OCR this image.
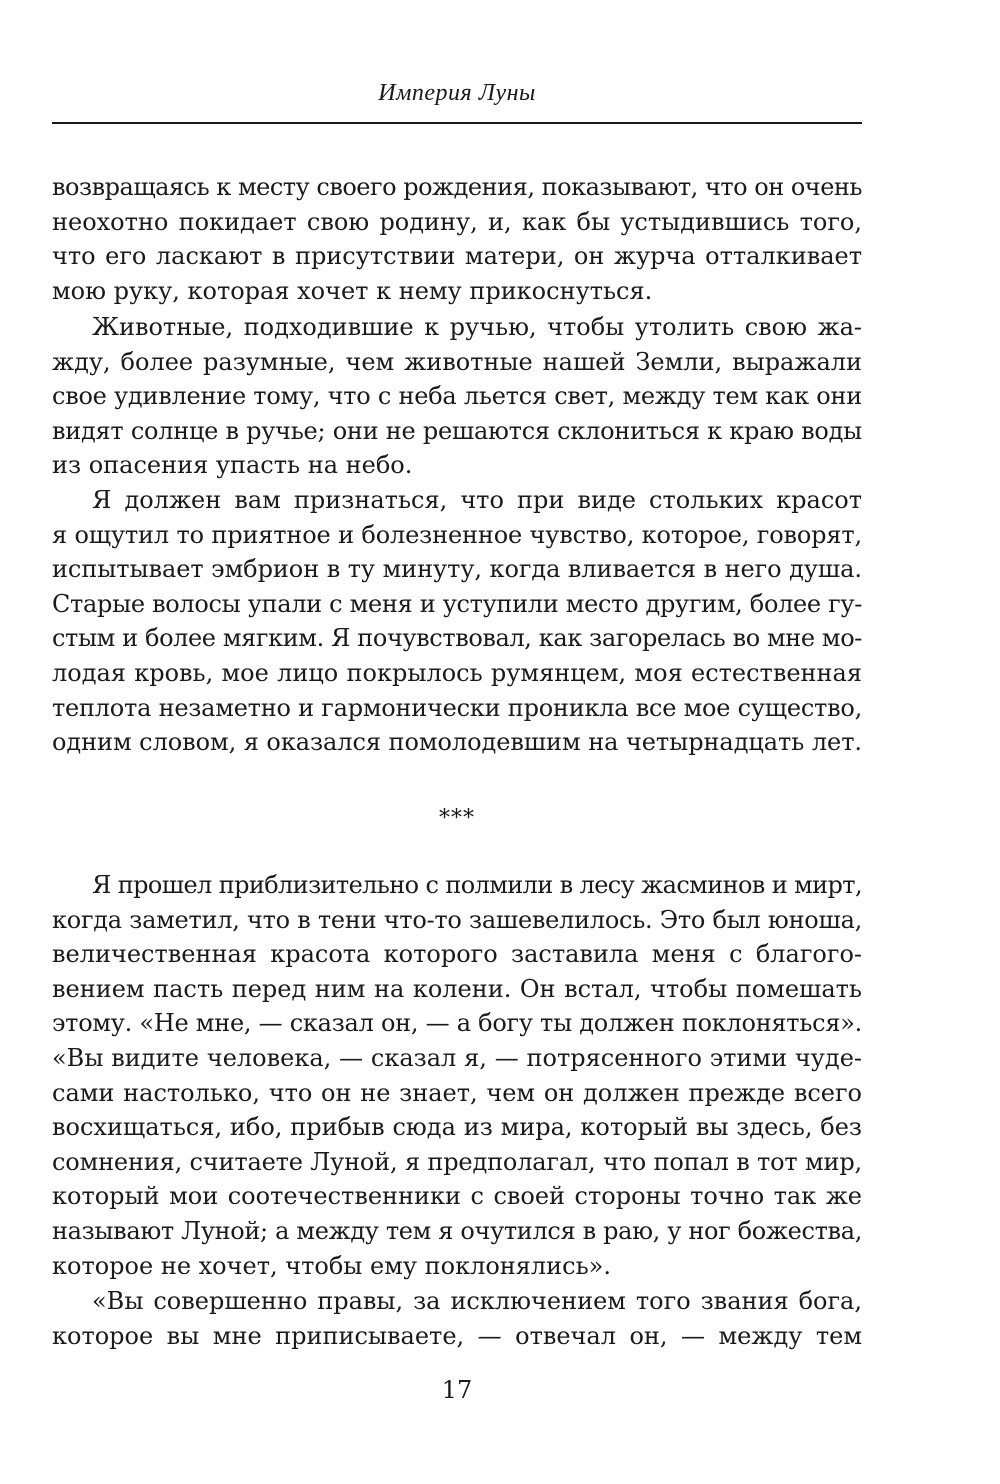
Империя Луны
возвращаясь к месту своего рождения, показывают, что он очень
неохотно покидает свою родину, и, как бы устыдившись того,
что его ласкают в присутствии матери, он журча отталкивает
мою руку, которая хочет к нему прикоснуться.
Животные, подходившие к ручью, чтобы утолить свою жа-
жду, более разумные, чем животные нашей Земли, выражали
свое удивление тому, что с неба льется свет, между тем как они
видят солнце в ручье; они не решаются склониться к краю воды
из опасения упасть на небо.
Я должен вам признаться, что при виде стольких красот
я ощутил то приятное и болезненное чувство, которое, говорят,
испытывает эмбрион в ту минуту, когда вливается в него душа.
Старые волосы упали с меня и уступили место другим, более гу-
стым и более мягким. Я почувствовал, как загорелась во мне мо-
лодая кровь, мое лицо покрылось румянцем, моя естественная
теплота незаметно и гармонически проникла все мое существо,
одним словом, я оказался помолодевшим на четырнадцать лет.
***
Я прошел приблизительно с полмили в лесу жасминов и мирт,
когда заметил, что в тени что-то зашевелилось. Это был юноша,
величественная красота которого заставила меня с благого-
вением пасть перед ним на колени. Он встал, чтобы помешать
этому. «Не мне, — сказал он, — а богу ты должен поклоняться».
«Вы видите человека, — сказал я, — потрясенного этими чуде-
сами настолько, что он не знает, чем он должен прежде всего
восхищаться, ибо, прибыв сюда из мира, который вы здесь, без
сомнения, считаете Луной, я предполагал, что попал в тот мир,
который мои соотечественники с своей стороны точно так же
называют Луной; а между тем я очутился в раю, у ног божества,
которое не хочет, чтобы ему поклонялись».
«Вы совершенно правы, за исключением того звания бога,
которое вы мне приписываете, — отвечал он, — между тем
17
